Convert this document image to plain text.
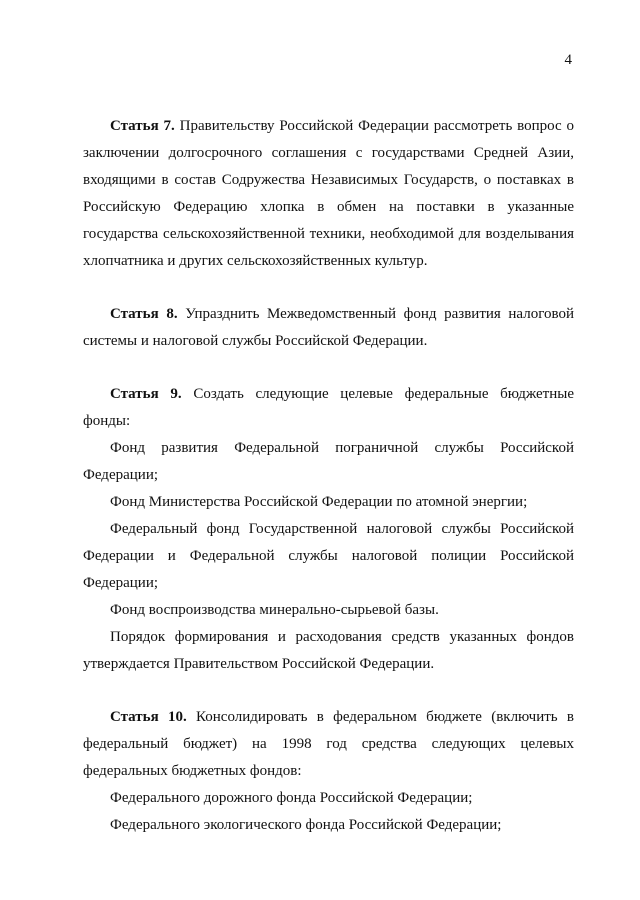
4

Статья 7. Правительству Российской Федерации рассмотреть вопрос о заключении долгосрочного соглашения с государствами Средней Азии, входящими в состав Содружества Независимых Государств, о поставках в Российскую Федерацию хлопка в обмен на поставки в указанные государства сельскохозяйственной техники, необходимой для возделывания хлопчатника и других сельскохозяйственных культур.

Статья 8. Упразднить Межведомственный фонд развития налоговой системы и налоговой службы Российской Федерации.

Статья 9. Создать следующие целевые федеральные бюджетные фонды:

Фонд развития Федеральной пограничной службы Российской Федерации;

Фонд Министерства Российской Федерации по атомной энергии;

Федеральный фонд Государственной налоговой службы Российской Федерации и Федеральной службы налоговой полиции Российской Федерации;

Фонд воспроизводства минерально-сырьевой базы.

Порядок формирования и расходования средств указанных фондов утверждается Правительством Российской Федерации.

Статья 10. Консолидировать в федеральном бюджете (включить в федеральный бюджет) на 1998 год средства следующих целевых федеральных бюджетных фондов:

Федерального дорожного фонда Российской Федерации;

Федерального экологического фонда Российской Федерации;
